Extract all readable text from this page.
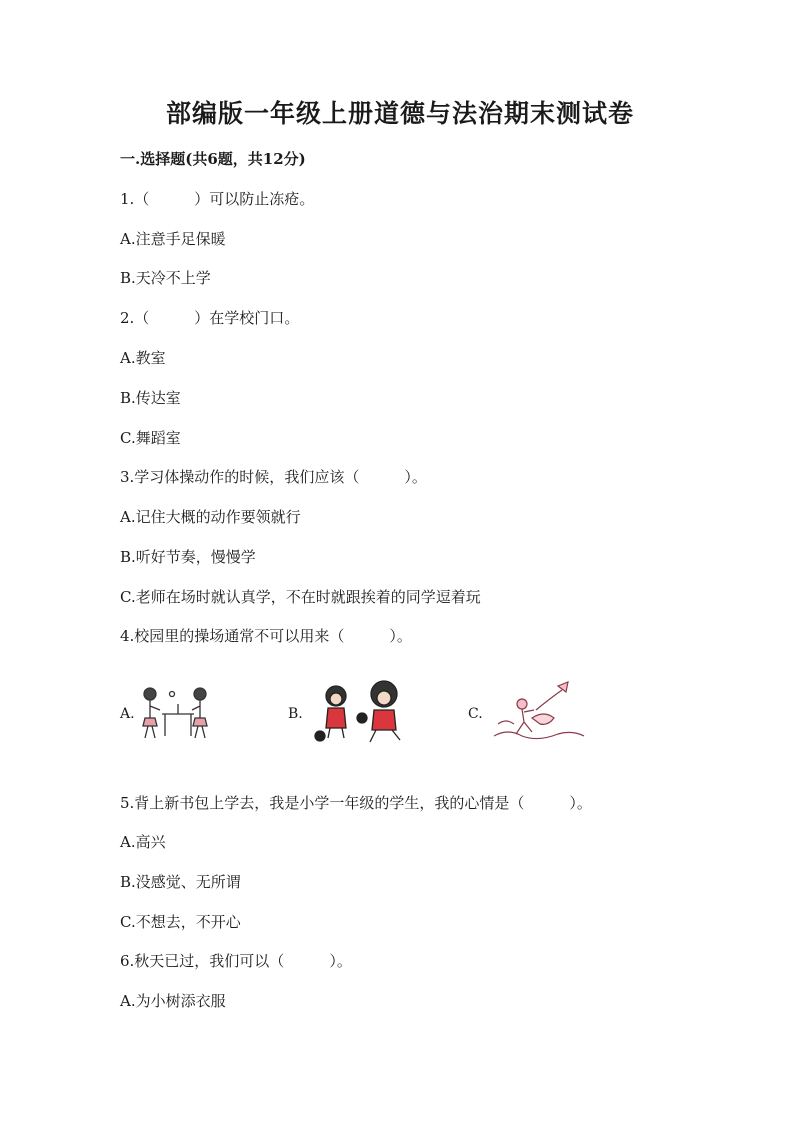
部编版一年级上册道德与法治期末测试卷
一.选择题(共6题，共12分)
1.（　　　）可以防止冻疮。
A.注意手足保暖
B.天冷不上学
2.（　　　）在学校门口。
A.教室
B.传达室
C.舞蹈室
3.学习体操动作的时候，我们应该（　　　）。
A.记住大概的动作要领就行
B.听好节奏，慢慢学
C.老师在场时就认真学，不在时就跟挨着的同学逗着玩
4.校园里的操场通常不可以用来（　　　）。
A.	B.	C.
5.背上新书包上学去，我是小学一年级的学生，我的心情是（　　　）。
A.高兴
B.没感觉、无所谓
C.不想去，不开心
6.秋天已过，我们可以（　　　）。
A.为小树添衣服
